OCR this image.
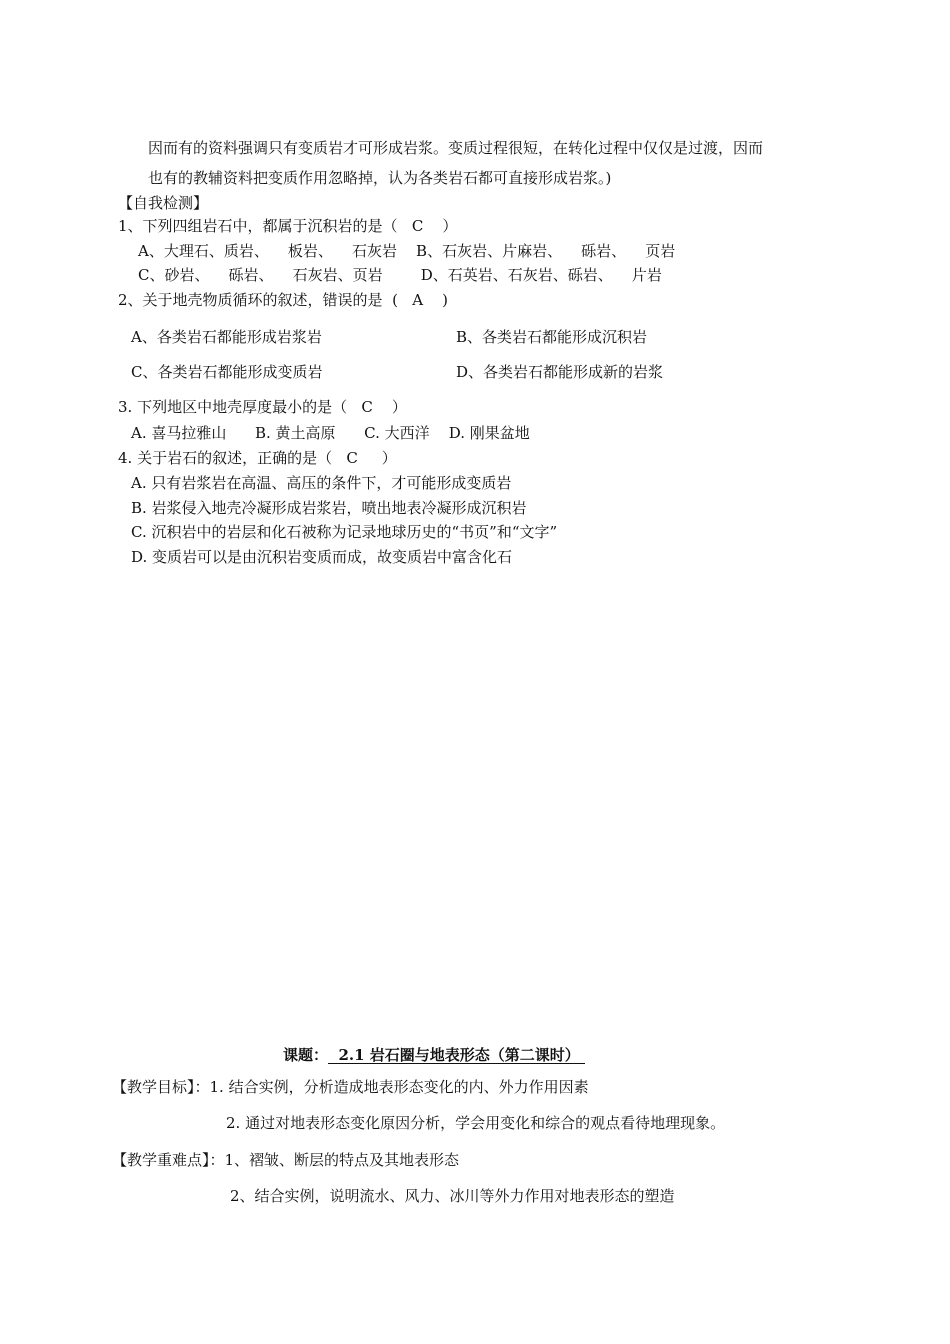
因而有的资料强调只有变质岩才可形成岩浆。变质过程很短，在转化过程中仅仅是过渡，因而
也有的教辅资料把变质作用忽略掉，认为各类岩石都可直接形成岩浆。)
【自我检测】
1、下列四组岩石中，都属于沉积岩的是（   C    ）
A、大理石、质岩、    板岩、    石灰岩    B、石灰岩、片麻岩、    砾岩、    页岩
C、砂岩、    砾岩、    石灰岩、页岩        D、石英岩、石灰岩、砾岩、    片岩
2、关于地壳物质循环的叙述，错误的是  (   A    )
A、各类岩石都能形成岩浆岩	B、各类岩石都能形成沉积岩
C、各类岩石都能形成变质岩	D、各类岩石都能形成新的岩浆
3. 下列地区中地壳厚度最小的是（   C    ）
A. 喜马拉雅山      B. 黄土高原      C. 大西洋    D. 刚果盆地
4. 关于岩石的叙述，正确的是（   C     ）
A. 只有岩浆岩在高温、高压的条件下，才可能形成变质岩
B. 岩浆侵入地壳冷凝形成岩浆岩，喷出地表冷凝形成沉积岩
C. 沉积岩中的岩层和化石被称为记录地球历史的“书页”和“文字”
D. 变质岩可以是由沉积岩变质而成，故变质岩中富含化石
课题：  2.1 岩石圈与地表形态（第二课时）
【教学目标】：1. 结合实例，分析造成地表形态变化的内、外力作用因素
2. 通过对地表形态变化原因分析，学会用变化和综合的观点看待地理现象。
【教学重难点】：1、褶皱、断层的特点及其地表形态
2、结合实例，说明流水、风力、冰川等外力作用对地表形态的塑造
